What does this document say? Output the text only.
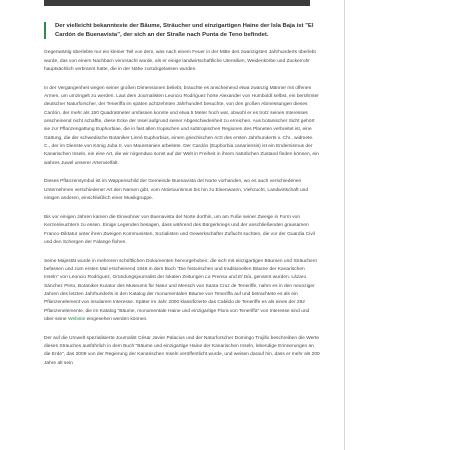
Der vielleicht bekannteste der Bäume, Sträucher und einzigartigen Haine der Isla Baja ist "El Cardón de Buenavista", der sich an der Straße nach Punta de Teno befindet.

Gegenwärtig überlebte nur ein kleiner Teil von dem, was nach einem Feuer in der Mitte des zwanzigsten Jahrhunderts überlebt wurde, das von einem Nachbarn verursacht wurde, als er einige landwirtschaftliche Utensilien, Weidenkörbe und Zuckerrohr hauptsächlich verbrannt hatte, die in der Nähe zurückgelassen wurden.

In der Vergangenheit wegen seiner großen Dimensionen beliebt, brauchte es anscheinend etwa zwanzig Männer mit offenen Armen, um umzingelt zu werden. Laut dem Journalisten Leoncio Rodríguez hörte Alexander von Humboldt selbst, ein berühmter deutscher Naturforscher, der Teneriffa im späten achtzehnten Jahrhundert besuchte, von den großen Abmessungen dieses Cardón, der mehr als 150 Quadratmeter umfassen konnte und etwa 5 Meter hoch war, obwohl er es trotz seines Interesses anscheinend nicht schaffte, diese Ecke der Insel aufgrund seiner Abgeschiedenheit zu erreichen. Aus botanischer Sicht gehört sie zur Pflanzengattung Euphorbiae, die in fast allen tropischen und subtropischen Regionen des Planeten verbreitet ist, eine Gattung, die der schwedische Botaniker Linné Euphorbius, einem griechischen Arzt des ersten Jahrhunderts v. Chr., widmete. C., der im Dienste von König Juba II. von Mauretanien arbeitete. Der Cardón (Euphorbia canariensis) ist ein Endemismus der Kanarischen Inseln, ein eine Art, die wir nirgendwo sonst auf der Welt in Freiheit in ihrem natürlichen Zustand finden können, ein wahres Juwel unserer Artenvielfalt.

Dieses Pflanzensymbol ist im Wappenschild der Gemeinde Buenavista del Norte vorhanden, wo es auch verschiedenen Unternehmen verschiedener Art den Namen gibt, vom Aktivtourismus bis hin zu Eisenwaren, Viehzucht, Landwirtschaft und einigen anderen, einschließlich einer Musikgruppe.

Bis vor einigen Jahren kamen die Einwohner von Buenavista del Norte dorthin, um am Fuße seiner Zweige in Form von Kerzenleuchtern zu essen. Einige Legenden besagen, dass während des Bürgerkriegs und der anschließenden grausamen Franco-Diktatur unter ihren Zweigen Kommunisten, Sozialisten und Gewerkschafter Zuflucht suchten, die vor der Guardia Civil und den Schergen der Falange flohen.

Seine Majestät wurde in mehreren schriftlichen Dokumenten hervorgehoben, die sich mit einzigartigen Bäumen und Sträuchern befassen und zum ersten Mal erscheinend 1946 in dem Buch "Die historischen und traditionellen Bäume der Kanarischen Inseln" von Leoncio Rodríguez, Gründungsjournalist der lokalen Zeitungen La Prensa und El Día, genannt wurden. Lázaro Sánchez Pinto, Botaniker Kurator des Museums für Natur und Mensch von Santa Cruz de Teneriffe, nahm es in den neunziger Jahren des letzten Jahrhunderts in den Katalog der monumentalen Bäume von Teneriffa auf und betrachtete es als ein Pflanzenelement von insularem Interesse. Später im Jahr 2000 klassifizierte das Cabildo de Teneriffe es als eines der 292 Pflanzenelemente, die im Katalog "Bäume, monumentale Haine und einzigartige Flora von Teneriffa" von Interesse sind und über seine Website eingesehen werden können.

Der auf die Umwelt spezialisierte Journalist César Javier Palacios und der Naturforscher Domingo Trujillo beschreiben die Werte dieses Strauches ausführlich in dem Buch "Bäume und einzigartige Haine der Kanarischen Inseln, lebendige Erinnerungen an die Erde", das 2009 von der Regierung der Kanarischen Inseln veröffentlicht wurde, und weisen darauf hin, dass er mehr als 200 Jahre alt sein
